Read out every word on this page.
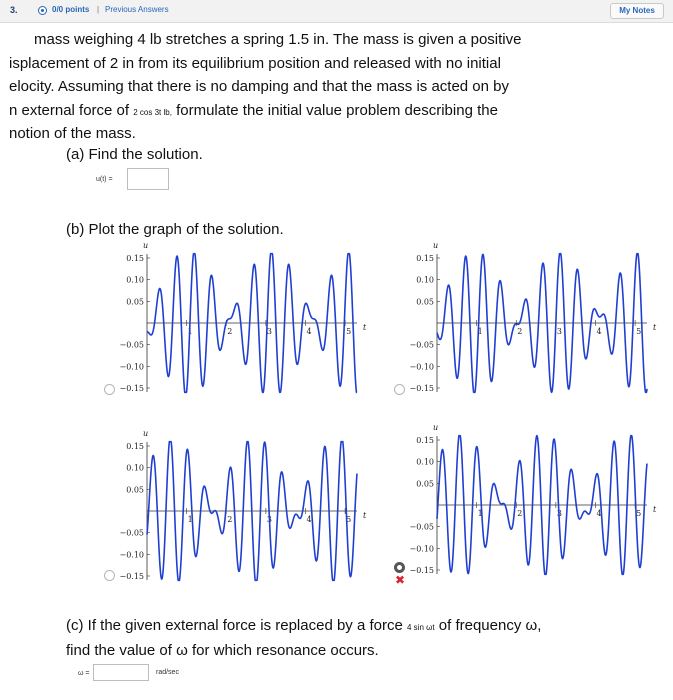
3.	0/0 points | Previous Answers	My Notes
mass weighing 4 lb stretches a spring 1.5 in. The mass is given a positive
isplacement of 2 in from its equilibrium position and released with no initial
elocity. Assuming that there is no damping and that the mass is acted on by
n external force of 2 cos 3t lb, formulate the initial value problem describing the
notion of the mass.
(a) Find the solution.
u(t) =
(b) Plot the graph of the solution.
u
t
0.15
0.10
0.05
−0.05
−0.10
−0.15
1	2	3	4	5
u
t
0.15
0.10
0.05
−0.05
−0.10
−0.15
1	2	3	4	5
u
t
0.15
0.10
0.05
−0.05
−0.10
−0.15
1	2	3	4	5
u
t
0.15
0.10
0.05
−0.05
−0.10
−0.15
1	2	3	4	5
✖
(c) If the given external force is replaced by a force 4 sin ωt of frequency ω,
find the value of ω for which resonance occurs.
ω =	rad/sec
